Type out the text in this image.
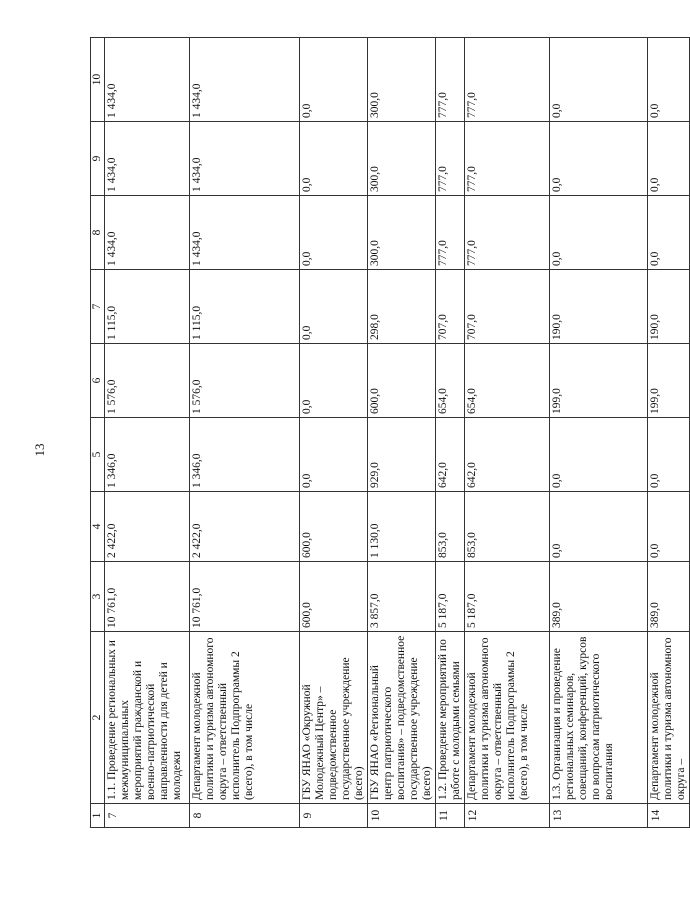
13
1	2	3	4	5	6	7	8	9	10
7	1.1. Проведение региональных и межмуниципальных мероприятий гражданской и военно-патриотической направленности для детей и молодежи	10 761,0	2 422,0	1 346,0	1 576,0	1 115,0	1 434,0	1 434,0	1 434,0
8	Департамент молодежной политики и туризма автономного округа – ответственный исполнитель Подпрограммы 2 (всего), в том числе	10 761,0	2 422,0	1 346,0	1 576,0	1 115,0	1 434,0	1 434,0	1 434,0
9	ГБУ ЯНАО «Окружной Молодежный Центр» – подведомственное государственное учреждение (всего)	600,0	600,0	0,0	0,0	0,0	0,0	0,0	0,0
10	ГБУ ЯНАО «Региональный центр патриотического воспитания» – подведомственное государственное учреждение (всего)	3 857,0	1 130,0	929,0	600,0	298,0	300,0	300,0	300,0
11	1.2. Проведение мероприятий по работе с молодыми семьями	5 187,0	853,0	642,0	654,0	707,0	777,0	777,0	777,0
12	Департамент молодежной политики и туризма автономного округа – ответственный исполнитель Подпрограммы 2 (всего), в том числе	5 187,0	853,0	642,0	654,0	707,0	777,0	777,0	777,0
13	1.3. Организация и проведение региональных семинаров, совещаний, конференций, курсов по вопросам патриотического воспитания	389,0	0,0	0,0	199,0	190,0	0,0	0,0	0,0
14	Департамент молодежной политики и туризма автономного округа –	389,0	0,0	0,0	199,0	190,0	0,0	0,0	0,0
